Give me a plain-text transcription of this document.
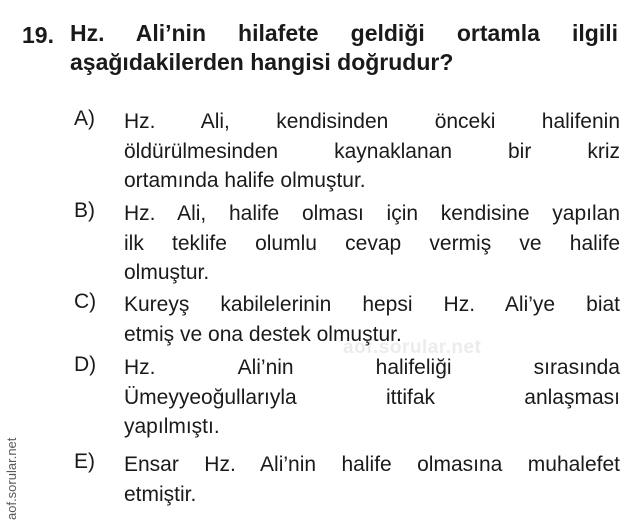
aof.sorular.net
aof.sorular.net
19. Hz. Ali’nin hilafete geldiği ortamla ilgili
aşağıdakilerden hangisi doğrudur?
A) Hz. Ali, kendisinden önceki halifenin
öldürülmesinden kaynaklanan bir kriz
ortamında halife olmuştur.
B) Hz. Ali, halife olması için kendisine yapılan
ilk teklife olumlu cevap vermiş ve halife
olmuştur.
C) Kureyş kabilelerinin hepsi Hz. Ali’ye biat
etmiş ve ona destek olmuştur.
D) Hz.	Ali’nin	halifeliği	sırasında
Ümeyyeoğullarıyla	ittifak	anlaşması
yapılmıştı.
E) Ensar Hz. Ali’nin halife olmasına muhalefet
etmiştir.
